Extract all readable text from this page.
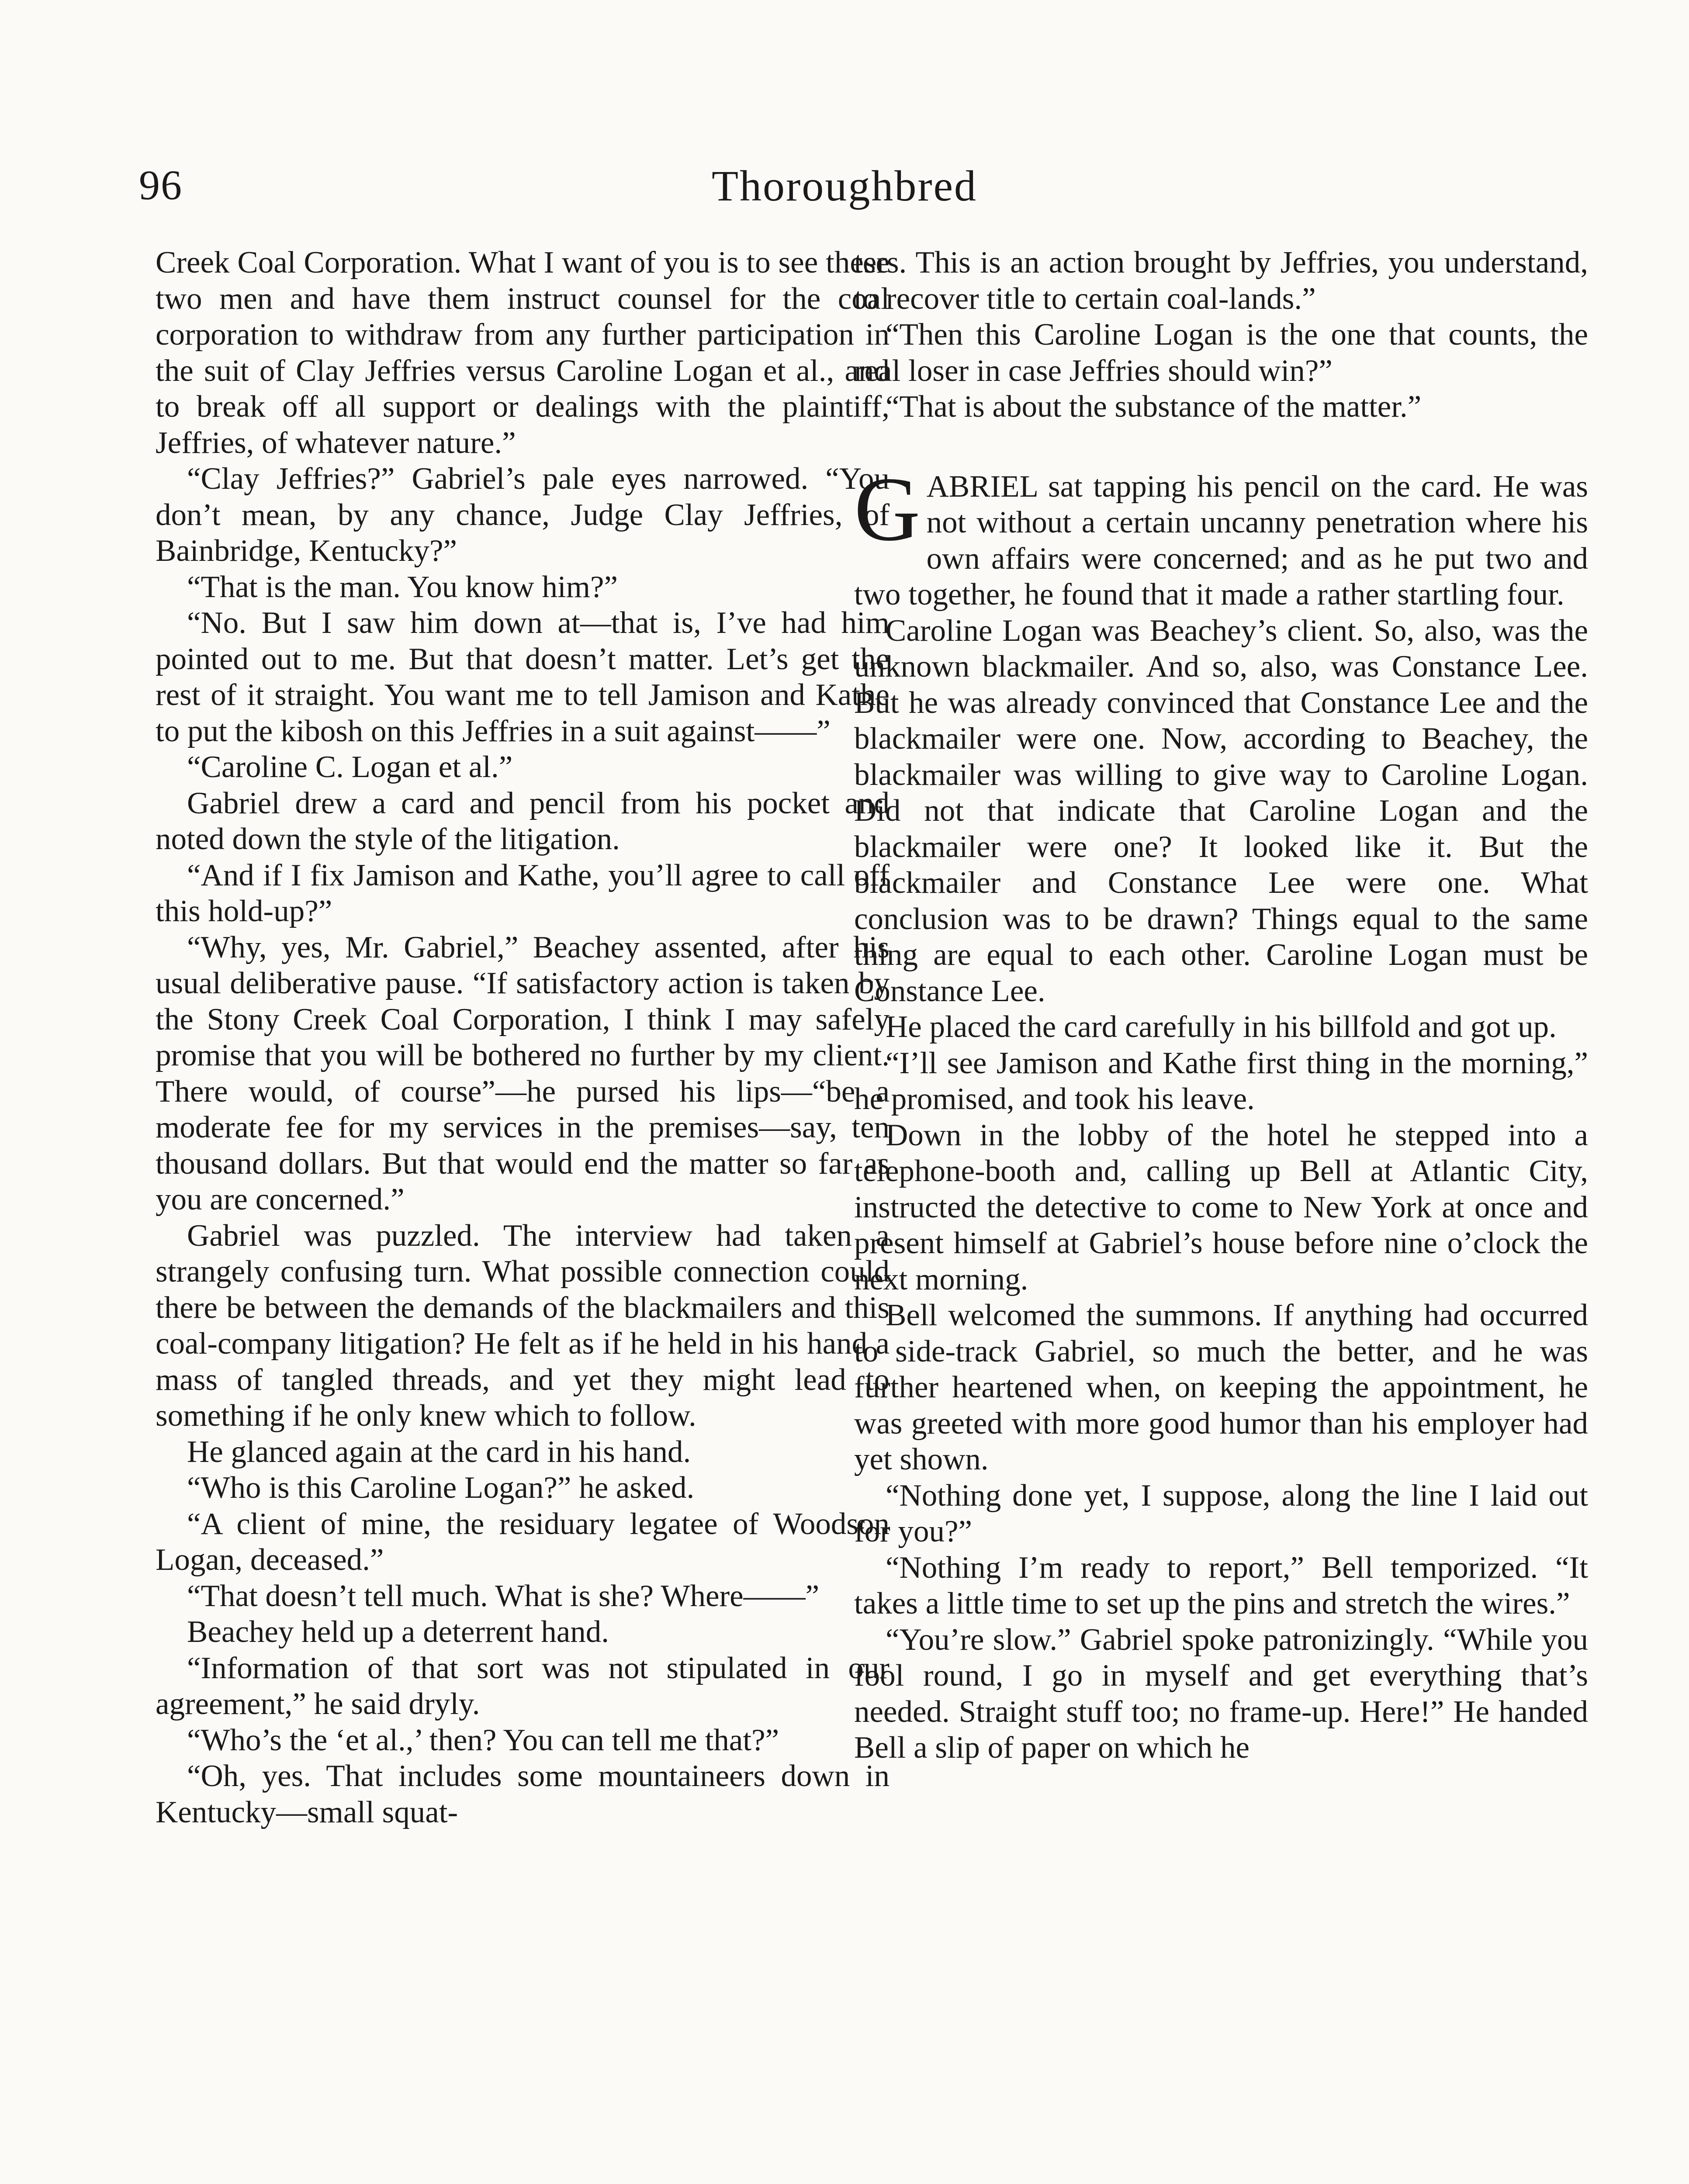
96	Thoroughbred

Creek Coal Corporation. What I want of you is to see these two men and have them instruct counsel for the coal corporation to withdraw from any further participation in the suit of Clay Jeffries versus Caroline Logan et al., and to break off all support or dealings with the plaintiff, Jeffries, of whatever nature.”

“Clay Jeffries?” Gabriel’s pale eyes narrowed. “You don’t mean, by any chance, Judge Clay Jeffries, of Bainbridge, Kentucky?”

“That is the man. You know him?”

“No. But I saw him down at—that is, I’ve had him pointed out to me. But that doesn’t matter. Let’s get the rest of it straight. You want me to tell Jamison and Kathe to put the kibosh on this Jeffries in a suit against——”

“Caroline C. Logan et al.”

Gabriel drew a card and pencil from his pocket and noted down the style of the litigation.

“And if I fix Jamison and Kathe, you’ll agree to call off this hold-up?”

“Why, yes, Mr. Gabriel,” Beachey assented, after his usual deliberative pause. “If satisfactory action is taken by the Stony Creek Coal Corporation, I think I may safely promise that you will be bothered no further by my client. There would, of course”—he pursed his lips—“be a moderate fee for my services in the premises—say, ten thousand dollars. But that would end the matter so far as you are concerned.”

Gabriel was puzzled. The interview had taken a strangely confusing turn. What possible connection could there be between the demands of the blackmailers and this coal-company litigation? He felt as if he held in his hand a mass of tangled threads, and yet they might lead to something if he only knew which to follow.

He glanced again at the card in his hand.

“Who is this Caroline Logan?” he asked.

“A client of mine, the residuary legatee of Woodson Logan, deceased.”

“That doesn’t tell much. What is she? Where——”

Beachey held up a deterrent hand.

“Information of that sort was not stipulated in our agreement,” he said dryly.

“Who’s the ‘et al.,’ then? You can tell me that?”

“Oh, yes. That includes some mountaineers down in Kentucky—small squat-

ters. This is an action brought by Jeffries, you understand, to recover title to certain coal-lands.”

“Then this Caroline Logan is the one that counts, the real loser in case Jeffries should win?”

“That is about the substance of the matter.”

GABRIEL sat tapping his pencil on the card. He was not without a certain uncanny penetration where his own affairs were concerned; and as he put two and two together, he found that it made a rather startling four.

Caroline Logan was Beachey’s client. So, also, was the unknown blackmailer. And so, also, was Constance Lee. But he was already convinced that Constance Lee and the blackmailer were one. Now, according to Beachey, the blackmailer was willing to give way to Caroline Logan. Did not that indicate that Caroline Logan and the blackmailer were one? It looked like it. But the blackmailer and Constance Lee were one. What conclusion was to be drawn? Things equal to the same thing are equal to each other. Caroline Logan must be Constance Lee.

He placed the card carefully in his billfold and got up.

“I’ll see Jamison and Kathe first thing in the morning,” he promised, and took his leave.

Down in the lobby of the hotel he stepped into a telephone-booth and, calling up Bell at Atlantic City, instructed the detective to come to New York at once and present himself at Gabriel’s house before nine o’clock the next morning.

Bell welcomed the summons. If anything had occurred to side-track Gabriel, so much the better, and he was further heartened when, on keeping the appointment, he was greeted with more good humor than his employer had yet shown.

“Nothing done yet, I suppose, along the line I laid out for you?”

“Nothing I’m ready to report,” Bell temporized. “It takes a little time to set up the pins and stretch the wires.”

“You’re slow.” Gabriel spoke patronizingly. “While you fool round, I go in myself and get everything that’s needed. Straight stuff too; no frame-up. Here!” He handed Bell a slip of paper on which he
